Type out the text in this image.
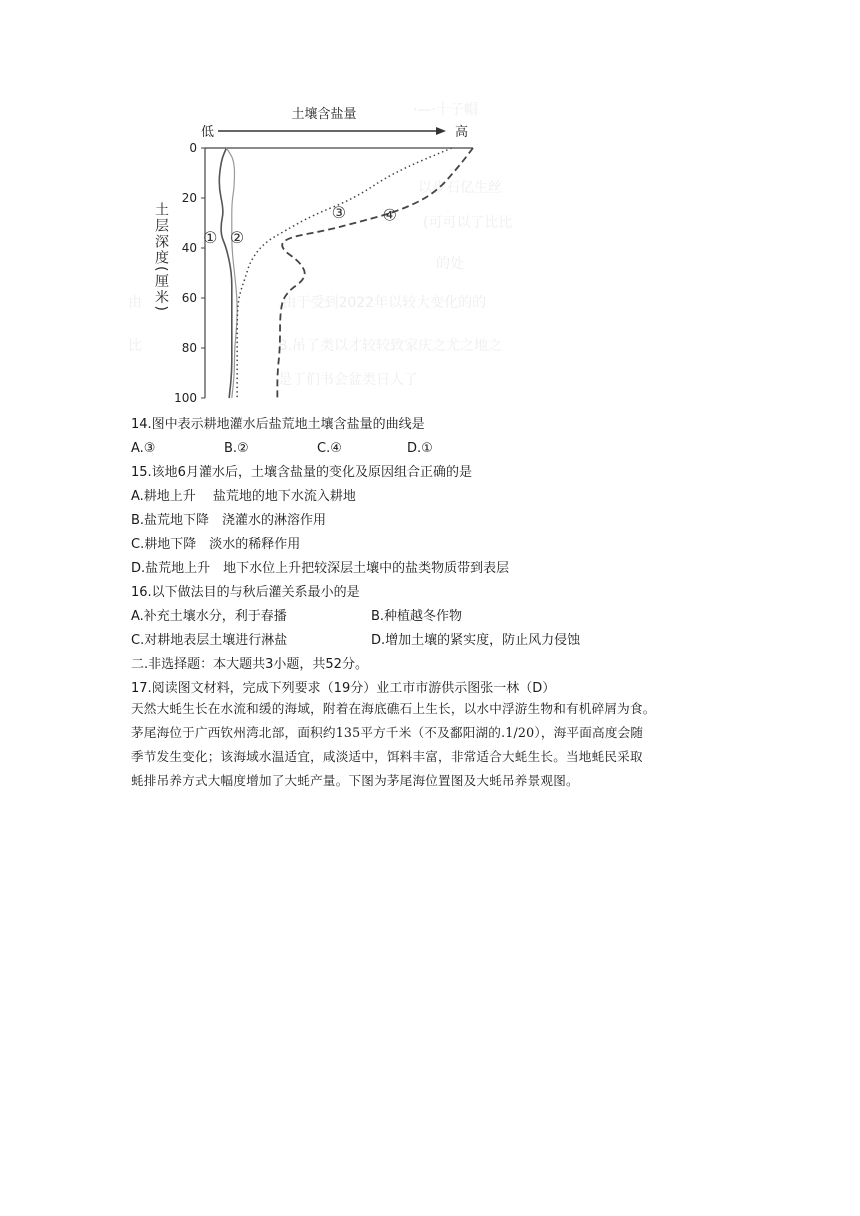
·—·十子帽
以步石亿生丝
(可可以了比比
的处
由	.由于受到2022年以较大变化的的
比	B.吊了类以才较较致家庆之尤之地之
是丁们书会盆类日人了
土壤含盐量
低	高
土层深度(厘米)
0
20
40
60
80
100
① ②
③ ④
14.图中表示耕地灌水后盐荒地土壤含盐量的曲线是
A.③	B.②	C.④	D.①
15.该地6月灌水后，土壤含盐量的变化及原因组合正确的是
A.耕地上升　 盐荒地的地下水流入耕地
B.盐荒地下降　浇灌水的淋溶作用
C.耕地下降　淡水的稀释作用
D.盐荒地上升　地下水位上升把较深层土壤中的盐类物质带到表层
16.以下做法目的与秋后灌关系最小的是
A.补充土壤水分，利于春播	B.种植越冬作物
C.对耕地表层土壤进行淋盐	D.增加土壤的紧实度，防止风力侵蚀
二.非选择题：本大题共3小题，共52分。
17.阅读图文材料，完成下列要求（19分）业工市市游供示图张一林（D）

天然大蚝生长在水流和缓的海域，附着在海底礁石上生长，以水中浮游生物和有机碎屑为食。

茅尾海位于广西钦州湾北部，面积约135平方千米（不及鄱阳湖的.1/20），海平面高度会随

季节发生变化；该海域水温适宜，咸淡适中，饵料丰富，非常适合大蚝生长。当地蚝民采取

蚝排吊养方式大幅度增加了大蚝产量。下图为茅尾海位置图及大蚝吊养景观图。
